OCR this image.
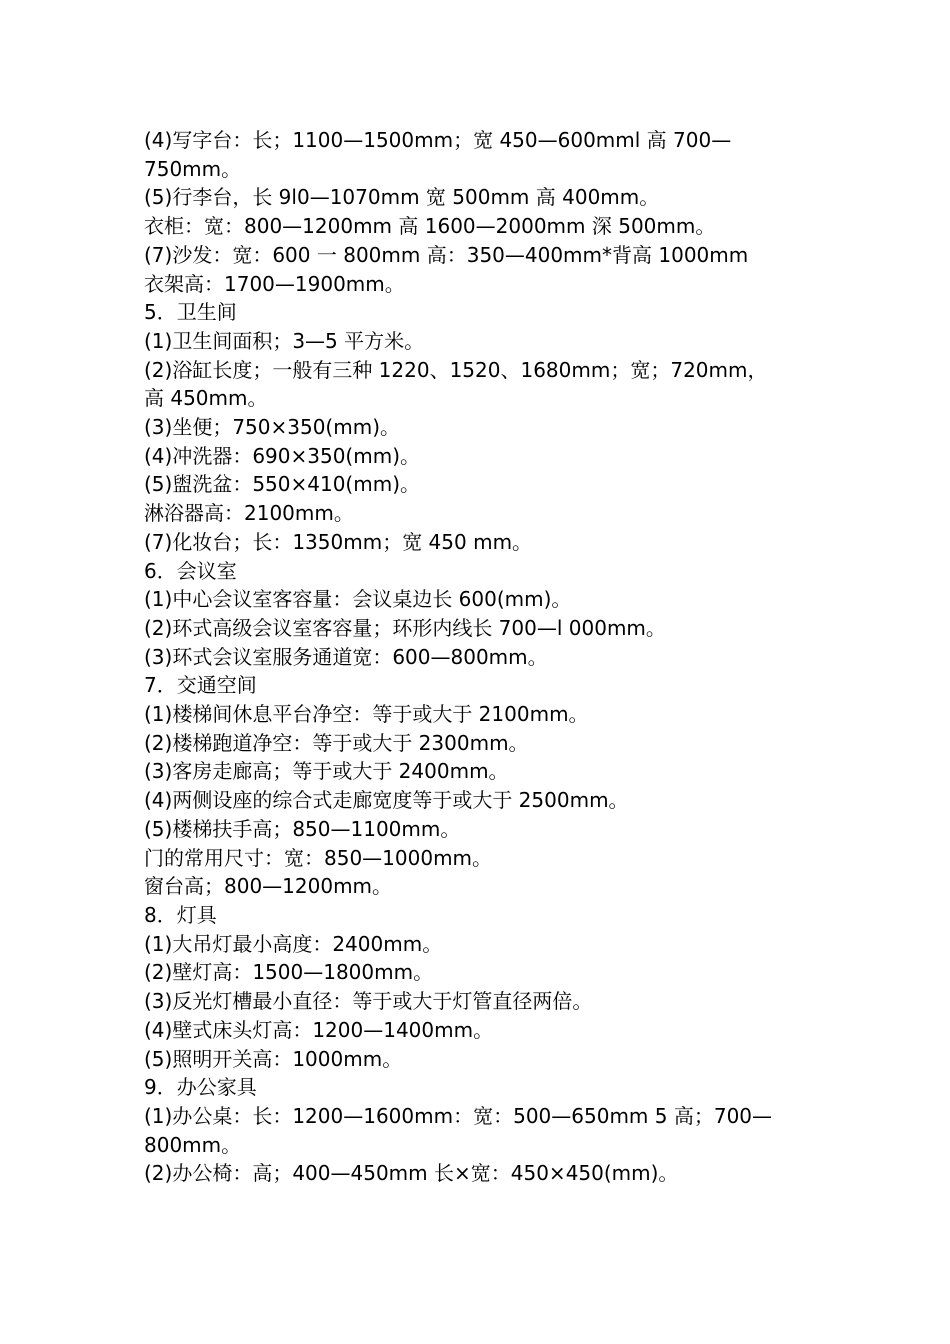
(4)写字台：长；1100—1500mm；宽 450—600mml 高 700—

750mm。

(5)行李台，长 9l0—1070mm 宽 500mm 高 400mm。

衣柜：宽：800—1200mm 高 1600—2000mm 深 500mm。

(7)沙发：宽：600 一 800mm 高：350—400mm*背高 1000mm

衣架高：1700—1900mm。

5．卫生间

(1)卫生间面积；3—5 平方米。

(2)浴缸长度；一般有三种 1220、1520、1680mm；宽；720mm，

高 450mm。

(3)坐便；750×350(mm)。

(4)冲洗器：690×350(mm)。

(5)盥洗盆：550×410(mm)。

淋浴器高：2100mm。

(7)化妆台；长：1350mm；宽 450 mm。

6．会议室

(1)中心会议室客容量：会议桌边长 600(mm)。

(2)环式高级会议室客容量；环形内线长 700—l 000mm。

(3)环式会议室服务通道宽：600—800mm。

7．交通空间

(1)楼梯间休息平台净空：等于或大于 2100mm。

(2)楼梯跑道净空：等于或大于 2300mm。

(3)客房走廊高；等于或大于 2400mm。

(4)两侧设座的综合式走廊宽度等于或大于 2500mm。

(5)楼梯扶手高；850—1100mm。

门的常用尺寸：宽：850—1000mm。

窗台高；800—1200mm。

8．灯具

(1)大吊灯最小高度：2400mm。

(2)壁灯高：1500—1800mm。

(3)反光灯槽最小直径：等于或大于灯管直径两倍。

(4)壁式床头灯高：1200—1400mm。

(5)照明开关高：1000mm。

9．办公家具

(1)办公桌：长：1200—1600mm：宽：500—650mm 5 高；700—

800mm。

(2)办公椅：高；400—450mm 长×宽：450×450(mm)。
